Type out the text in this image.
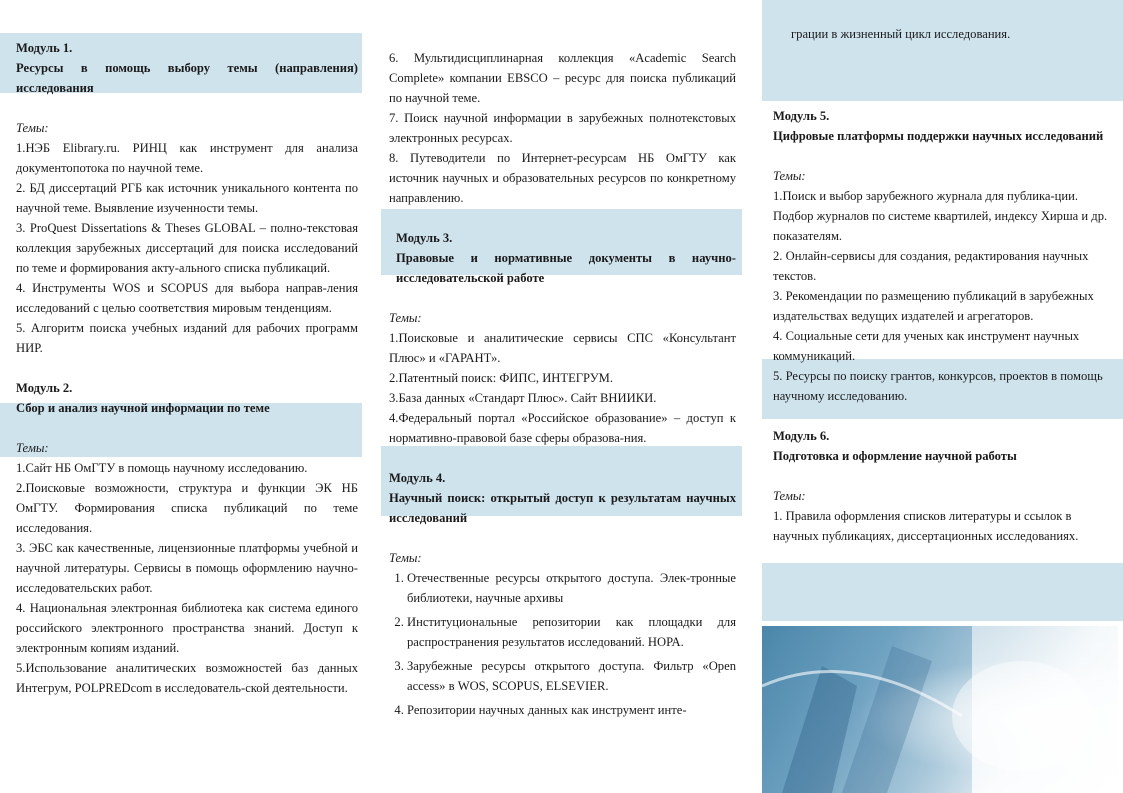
Модуль 1.
Ресурсы в помощь выбору темы (направления) исследования

Темы:

1.НЭБ Elibrary.ru. РИНЦ как инструмент для анализа документопотока по научной теме.

2. БД диссертаций РГБ как источник уникального контента по научной теме. Выявление изученности темы.

3. ProQuest Dissertations & Theses GLOBAL – полно-текстовая коллекция зарубежных диссертаций для поиска исследований по теме и формирования акту-ального списка публикаций.

4. Инструменты WOS и SCOPUS для выбора направ-ления исследований с целью соответствия мировым тенденциям.

5. Алгоритм поиска учебных изданий для рабочих программ НИР.

Модуль 2.
Сбор и анализ научной информации по теме

Темы:

1.Сайт НБ ОмГТУ в помощь научному исследованию.

2.Поисковые возможности, структура и функции ЭК НБ ОмГТУ. Формирования списка публикаций по теме исследования.

3. ЭБС как качественные, лицензионные платформы учебной и научной литературы. Сервисы в помощь оформлению научно- исследовательских работ.

4. Национальная электронная библиотека как система единого российского электронного пространства знаний. Доступ к электронным копиям изданий.

5.Использование аналитических возможностей баз данных Интегрум, POLPREDcom в исследователь-ской деятельности.

6. Мультидисциплинарная коллекция «Academic Search Complete» компании EBSCO – ресурс для поиска публикаций по научной теме.

7. Поиск научной информации в зарубежных полнотекстовых электронных ресурсах.

8. Путеводители по Интернет-ресурсам НБ ОмГТУ как источник научных и образовательных ресурсов по конкретному направлению.

Модуль 3.
Правовые и нормативные документы в научно-исследовательской работе

Темы:

1.Поисковые и аналитические сервисы СПС «Консультант Плюс» и «ГАРАНТ».

2.Патентный поиск: ФИПС, ИНТЕГРУМ.

3.База данных «Стандарт Плюс». Сайт ВНИИКИ.

4.Федеральный портал «Российское образование» – доступ к нормативно-правовой базе сферы образова-ния.

Модуль 4.
Научный поиск: открытый доступ к результатам научных исследований

Темы:

1. Отечественные ресурсы открытого доступа. Элек-тронные библиотеки, научные архивы
2. Институциональные репозитории как площадки для распространения результатов исследований. НОРА.
3. Зарубежные ресурсы открытого доступа. Фильтр «Open access» в WOS, SCOPUS, ELSEVIER.
4. Репозитории научных данных как инструмент инте-

грации в жизненный цикл исследования.

Модуль 5.
Цифровые платформы поддержки научных исследований

Темы:

1.Поиск и выбор зарубежного журнала для публика-ции. Подбор журналов по системе квартилей, индексу Хирша и др. показателям.

2. Онлайн-сервисы для создания, редактирования научных текстов.

3. Рекомендации по размещению публикаций в зарубежных издательствах ведущих издателей и агрегаторов.

4. Социальные сети для ученых как инструмент научных коммуникаций.

5. Ресурсы по поиску грантов, конкурсов, проектов в помощь научному исследованию.

Модуль 6.
Подготовка и оформление научной работы

Темы:

1. Правила оформления списков литературы и ссылок в научных публикациях, диссертационных исследованиях.
